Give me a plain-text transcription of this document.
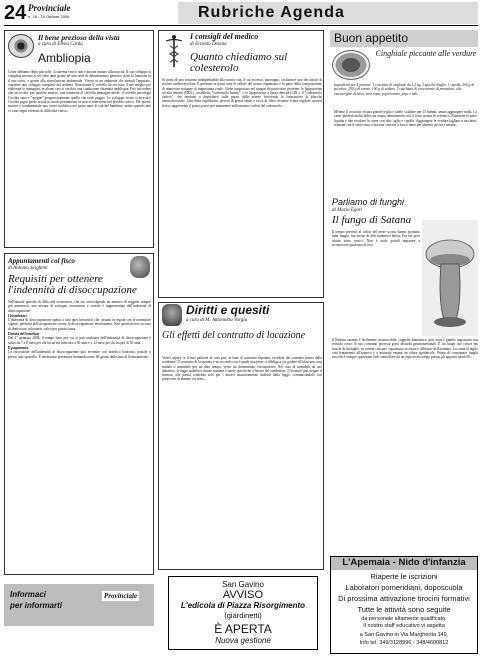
24 Provinciale
n. 18 - 15 Ottobre 2009	Rubriche Agenda
Il bene prezioso della vista
a cura di Elena Corda
Ambliopia
Come abbiamo detto più volte, il sistema visivo non è ancora maturo alla nascita. Il suo sviluppo si completa intorno ai sei-sette anni grazie ad una serie di determinismo genetico dove la funzione fa il suo corso, e grazie alla stimolazione ambientale. Vivere in un ambiente che stimoli l'apparato, consente uno sviluppo completo del sistema. Nonostante il cervello faccia tutto il suo meglio per elaborare le immagini, in alcuni casi si verifica una condizione chiamata ambliopia. Può succedere che un occhio, per qualche motivo, non trasmetta al cervello immagini nitide: il cervello privilegia l'occhio sano e "spegne" progressivamente quello che vede peggio. Lo sviluppo visivo si arresta e l'occhio pigro perde acuità in modo permanente se non si interviene nel periodo critico. Per questo motivo è fondamentale una visita oculistica nei primi anni di vita del bambino, anche quando non vi sono segni evidenti di difficoltà visiva...
Appuntamenti col fisco
di Antonio Scighetti
Requisiti per ottenere l'indennità di disoccupazione
Nell'attuale periodo di difficoltà economica, che sta coinvolgendo un numero di soggetti sempre più numeroso, una misura di sostegno economico e sociale è rappresentata dall'indennità di disoccupazione.
I beneficiari
L'indennità di disoccupazione spetta a tutti quei lavoratori che, assunti in regola con le normative vigenti, perdono dell'occupazione contro la disoccupazione involontaria. Non spetta invece in caso di dimissioni volontarie, salvo per giusta causa.
Durata del beneficio
Dal 1° gennaio 2008, il tempo base per cui si può usufruire dell'indennità di disoccupazione è salito da 7 a 8 mesi per chi ha un'età inferiore a 50 anni e a 12 mesi per chi ha più di 50 anni.
Il pagamento
La riscossione dell'indennità di disoccupazione può avvenire con bonifico bancario, postale o presso uno sportello. È necessario presentare domanda entro 68 giorni dalla data di licenziamento.
Informaci
per informarti
Provinciale
I consigli del medico
di Ernesto Deiana
Quanto chiediamo sul colesterolo
Si tratta di una sostanza indispensabile alla nostra vita, il cui eccesso, purtroppo, costituisce uno dei fattori di rischio cardiovascolare. È presente in quasi tutte le cellule del nostro organismo e fa parte della composizione di numerose sostanze di importanza vitale. Viene trasportato nel sangue da particolari proteine: le lipoproteine ad alta densità (HDL), cosiddetto "colesterolo buono", e le lipoproteine a bassa densità (LDL), il "colesterolo cattivo", che tendono a depositarsi sulle pareti delle arterie favorendo la formazione di placche aterosclerotiche. Una dieta equilibrata, povera di grassi saturi e ricca di fibre, insieme a una regolare attività fisica, rappresenta il primo passo per mantenere nella norma i valori del colesterolo...
Diritti e quesiti
a cura di M. Antonietta Vargiu
Gli effetti del contratto di locazione
Vorrei sapere se il mio padrone di casa può, in base al contratto stipulato, recedere dal contratto prima della scadenza? Il contratto di locazione è un accordo con il quale una parte si obbliga a far godere all'altra una cosa mobile o immobile per un dato tempo, verso un determinato corrispettivo. Nel caso di immobili ad uso abitativo, la legge stabilisce durate minime e tutele specifiche a favore del conduttore. Il locatore può negare il rinnovo alla prima scadenza solo per i motivi tassativamente indicati dalla legge, comunicandolo con preavviso di almeno sei mesi...
San Gavino
AVVISO
L'edicola di Piazza Risorgimento
(giardinetti)
È APERTA
Nuova gestione
Buon appetito
Cinghiale piccante alle verdure
Ingredienti per 4 persone: 1 cosciotto di cinghiale da 1,2 kg, 2 spicchi d'aglio, 1 cipolla, 200 g di zucchine, 200 g di carote, 100 g di sedano, 1 cucchiaio di concentrato di pomodoro, olio extravergine di oliva, vino rosso, peperoncino, pepe e sale.
Mettete il cosciotto in una grande teglia e fatelo scaldare per 15 minuti, senza aggiungere nulla. La carne perderà molta della sua acqua, diminuendo così il forte aroma di selvatico. Eliminate la parte liquida e fate rosolare la carne con olio, aglio e cipolla. Aggiungete le verdure tagliate a tocchetti, sfumate con il vino rosso e lasciate cuocere a fuoco lento per almeno un'ora e mezza...
Parliamo di funghi
di Mario Egari
Il fungo di Satana
Il tempo previsto al calcio del mese scorso hanno prodotto tanti funghi, ma anche di altri numerosi boleti. Fra cui però alcuni sono tossici. Non è male quindi imparare a riconoscere qualcuno di essi.
Il Boletus satanas è facilmente riconoscibile: cappello biancastro, pori rossi e gambo ingrossato con reticolo rosso. Il suo consumo provoca gravi disturbi gastrointestinali. È un fungo che cresce nei boschi di latifoglie, su terreni calcarei, soprattutto in estate e all'inizio dell'autunno. La carne al taglio vira lentamente all'azzurro e a maturità emana un odore sgradevole. Prima di consumare funghi raccolti è sempre opportuno farli controllare da un esperto micologo presso gli appositi sportelli...
L'Apemaia - Nido d'infanzia
Riaperte le iscrizioni
Laboratori pomeridiani, doposcuola
Di prossima attivazione tirocini formativi
Tutte le attività sono seguite
da personale altamente qualificato.
Il nostro staff educativo vi aspetta
a San Gavino in Via Margherita 149,
Info tel. 349/3128996 - 348/4600812
